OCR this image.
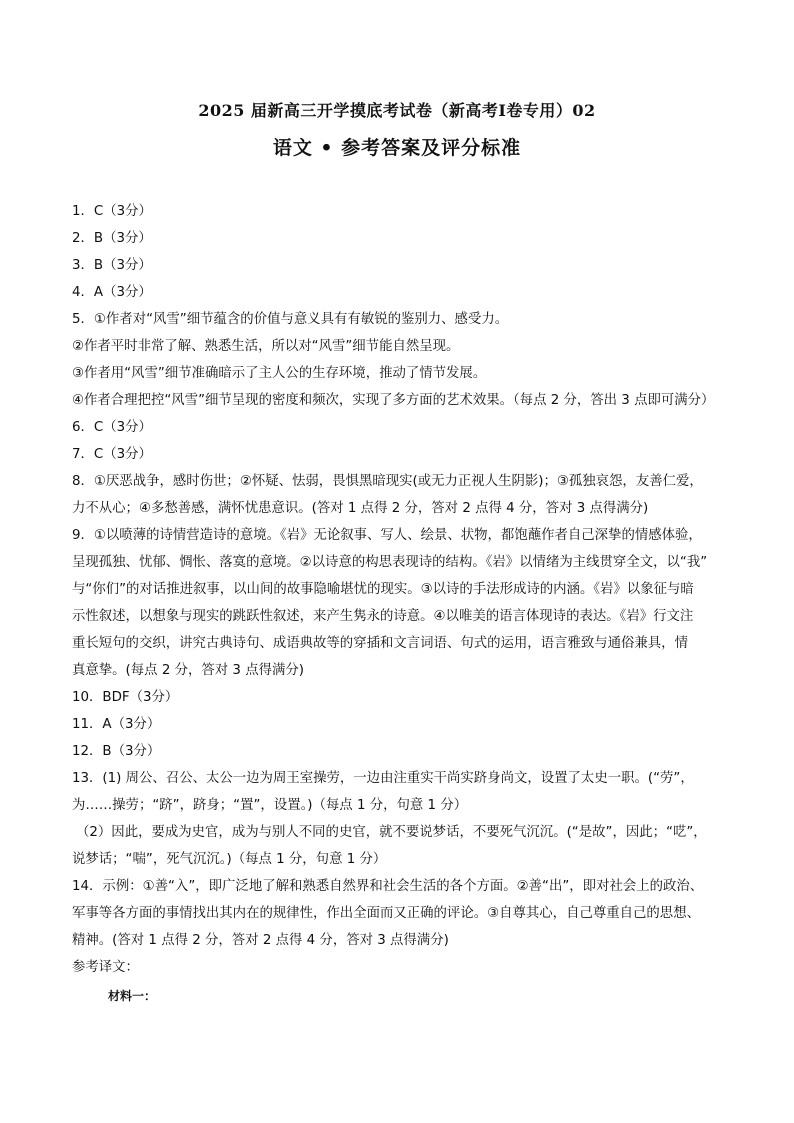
2025 届新高三开学摸底考试卷（新高考Ⅰ卷专用）02
语文 • 参考答案及评分标准
1．C（3分）
2．B（3分）
3．B（3分）
4．A（3分）
5．①作者对“风雪”细节蕴含的价值与意义具有有敏锐的鉴别力、感受力。
②作者平时非常了解、熟悉生活，所以对“风雪”细节能自然呈现。
③作者用“风雪”细节准确暗示了主人公的生存环境，推动了情节发展。
④作者合理把控“风雪”细节呈现的密度和频次，实现了多方面的艺术效果。（每点 2 分，答出 3 点即可满分）
6．C（3分）
7．C（3分）
8．①厌恶战争，感时伤世；②怀疑、怯弱，畏惧黑暗现实(或无力正视人生阴影)；③孤独哀怨，友善仁爱，
力不从心；④多愁善感，满怀忧患意识。(答对 1 点得 2 分，答对 2 点得 4 分，答对 3 点得满分)
9．①以喷薄的诗情营造诗的意境。《岩》无论叙事、写人、绘景、状物，都饱蘸作者自己深挚的情感体验，
呈现孤独、忧郁、惆怅、落寞的意境。②以诗意的构思表现诗的结构。《岩》以情绪为主线贯穿全文，以“我”
与“你们”的对话推进叙事，以山间的故事隐喻堪忧的现实。③以诗的手法形成诗的内涵。《岩》以象征与暗
示性叙述，以想象与现实的跳跃性叙述，来产生隽永的诗意。④以唯美的语言体现诗的表达。《岩》行文注
重长短句的交织，讲究古典诗句、成语典故等的穿插和文言词语、句式的运用，语言雅致与通俗兼具，情
真意挚。(每点 2 分，答对 3 点得满分)
10．BDF（3分）
11．A（3分）
12．B（3分）
13．(1) 周公、召公、太公一边为周王室操劳，一边由注重实干尚实跻身尚文，设置了太史一职。(“劳”，
为……操劳；“跻”，跻身；“置”，设置。)（每点 1 分，句意 1 分）
（2）因此，要成为史官，成为与别人不同的史官，就不要说梦话，不要死气沉沉。(“是故”，因此；“呓”，
说梦话；“喘”，死气沉沉。)（每点 1 分，句意 1 分）
14．示例：①善“入”，即广泛地了解和熟悉自然界和社会生活的各个方面。②善“出”，即对社会上的政治、
军事等各方面的事情找出其内在的规律性，作出全面而又正确的评论。③自尊其心，自己尊重自己的思想、
精神。(答对 1 点得 2 分，答对 2 点得 4 分，答对 3 点得满分)
参考译文：
材料一：
